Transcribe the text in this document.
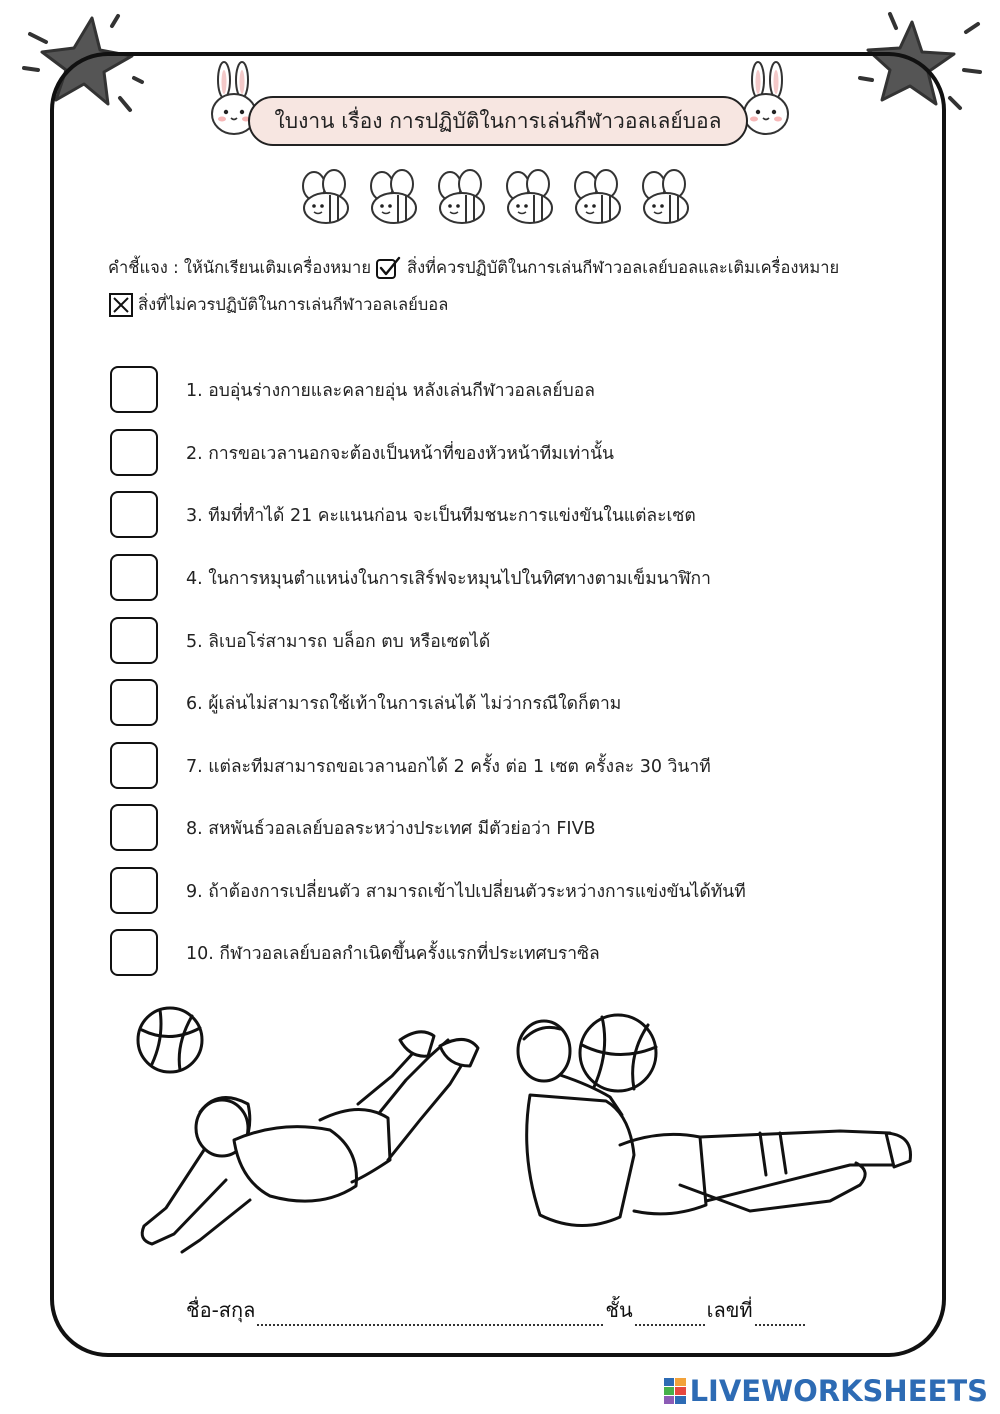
ใบงาน เรื่อง การปฏิบัติในการเล่นกีฬาวอลเลย์บอล
คำชี้แจง : ให้นักเรียนเติมเครื่องหมาย สิ่งที่ควรปฏิบัติในการเล่นกีฬาวอลเลย์บอลและเติมเครื่องหมาย
สิ่งที่ไม่ควรปฏิบัติในการเล่นกีฬาวอลเลย์บอล
1. อบอุ่นร่างกายและคลายอุ่น หลังเล่นกีฬาวอลเลย์บอล
2. การขอเวลานอกจะต้องเป็นหน้าที่ของหัวหน้าทีมเท่านั้น
3. ทีมที่ทำได้ 21 คะแนนก่อน จะเป็นทีมชนะการแข่งขันในแต่ละเซต
4. ในการหมุนตำแหน่งในการเสิร์ฟจะหมุนไปในทิศทางตามเข็มนาฬิกา
5. ลิเบอโร่สามารถ บล็อก ตบ หรือเซตได้
6. ผู้เล่นไม่สามารถใช้เท้าในการเล่นได้ ไม่ว่ากรณีใดก็ตาม
7. แต่ละทีมสามารถขอเวลานอกได้ 2 ครั้ง ต่อ 1 เซต ครั้งละ 30 วินาที
8. สหพันธ์วอลเลย์บอลระหว่างประเทศ มีตัวย่อว่า FIVB
9. ถ้าต้องการเปลี่ยนตัว สามารถเข้าไปเปลี่ยนตัวระหว่างการแข่งขันได้ทันที
10. กีฬาวอลเลย์บอลกำเนิดขึ้นครั้งแรกที่ประเทศบราซิล
ชื่อ-สกุล	ชั้น	เลขที่
LIVEWORKSHEETS
